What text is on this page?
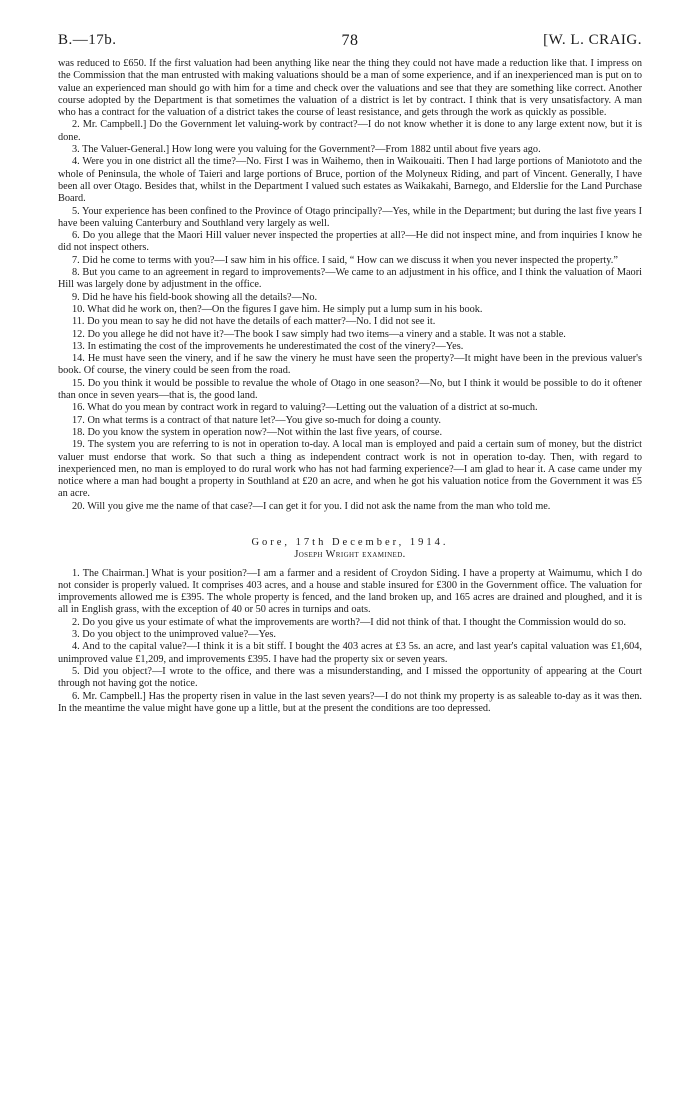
B.—17b.	78	[W. L. CRAIG.

was reduced to £650. If the first valuation had been anything like near the thing they could not have made a reduction like that. I impress on the Commission that the man entrusted with making valuations should be a man of some experience, and if an inexperienced man is put on to value an experienced man should go with him for a time and check over the valuations and see that they are something like correct. Another course adopted by the Department is that sometimes the valuation of a district is let by contract. I think that is very unsatisfactory. A man who has a contract for the valuation of a district takes the course of least resistance, and gets through the work as quickly as possible.

2. Mr. Campbell.] Do the Government let valuing-work by contract?—I do not know whether it is done to any large extent now, but it is done.

3. The Valuer-General.] How long were you valuing for the Government?—From 1882 until about five years ago.

4. Were you in one district all the time?—No. First I was in Waihemo, then in Waikouaiti. Then I had large portions of Maniototo and the whole of Peninsula, the whole of Taieri and large portions of Bruce, portion of the Molyneux Riding, and part of Vincent. Generally, I have been all over Otago. Besides that, whilst in the Department I valued such estates as Waikakahi, Barnego, and Elderslie for the Land Purchase Board.

5. Your experience has been confined to the Province of Otago principally?—Yes, while in the Department; but during the last five years I have been valuing Canterbury and Southland very largely as well.

6. Do you allege that the Maori Hill valuer never inspected the properties at all?—He did not inspect mine, and from inquiries I know he did not inspect others.

7. Did he come to terms with you?—I saw him in his office. I said, “ How can we discuss it when you never inspected the property.”

8. But you came to an agreement in regard to improvements?—We came to an adjustment in his office, and I think the valuation of Maori Hill was largely done by adjustment in the office.

9. Did he have his field-book showing all the details?—No.

10. What did he work on, then?—On the figures I gave him. He simply put a lump sum in his book.

11. Do you mean to say he did not have the details of each matter?—No. I did not see it.

12. Do you allege he did not have it?—The book I saw simply had two items—a vinery and a stable. It was not a stable.

13. In estimating the cost of the improvements he underestimated the cost of the vinery?—Yes.

14. He must have seen the vinery, and if he saw the vinery he must have seen the property?—It might have been in the previous valuer's book. Of course, the vinery could be seen from the road.

15. Do you think it would be possible to revalue the whole of Otago in one season?—No, but I think it would be possible to do it oftener than once in seven years—that is, the good land.

16. What do you mean by contract work in regard to valuing?—Letting out the valuation of a district at so-much.

17. On what terms is a contract of that nature let?—You give so-much for doing a county.

18. Do you know the system in operation now?—Not within the last five years, of course.

19. The system you are referring to is not in operation to-day. A local man is employed and paid a certain sum of money, but the district valuer must endorse that work. So that such a thing as independent contract work is not in operation to-day. Then, with regard to inexperienced men, no man is employed to do rural work who has not had farming experience?—I am glad to hear it. A case came under my notice where a man had bought a property in Southland at £20 an acre, and when he got his valuation notice from the Government it was £5 an acre.

20. Will you give me the name of that case?—I can get it for you. I did not ask the name from the man who told me.

Gore, 17th December, 1914.

Joseph Wright examined.

1. The Chairman.] What is your position?—I am a farmer and a resident of Croydon Siding. I have a property at Waimumu, which I do not consider is properly valued. It comprises 403 acres, and a house and stable insured for £300 in the Government office. The valuation for improvements allowed me is £395. The whole property is fenced, and the land broken up, and 165 acres are drained and ploughed, and it is all in English grass, with the exception of 40 or 50 acres in turnips and oats.

2. Do you give us your estimate of what the improvements are worth?—I did not think of that. I thought the Commission would do so.

3. Do you object to the unimproved value?—Yes.

4. And to the capital value?—I think it is a bit stiff. I bought the 403 acres at £3 5s. an acre, and last year's capital valuation was £1,604, unimproved value £1,209, and improvements £395. I have had the property six or seven years.

5. Did you object?—I wrote to the office, and there was a misunderstanding, and I missed the opportunity of appearing at the Court through not having got the notice.

6. Mr. Campbell.] Has the property risen in value in the last seven years?—I do not think my property is as saleable to-day as it was then. In the meantime the value might have gone up a little, but at the present the conditions are too depressed.
